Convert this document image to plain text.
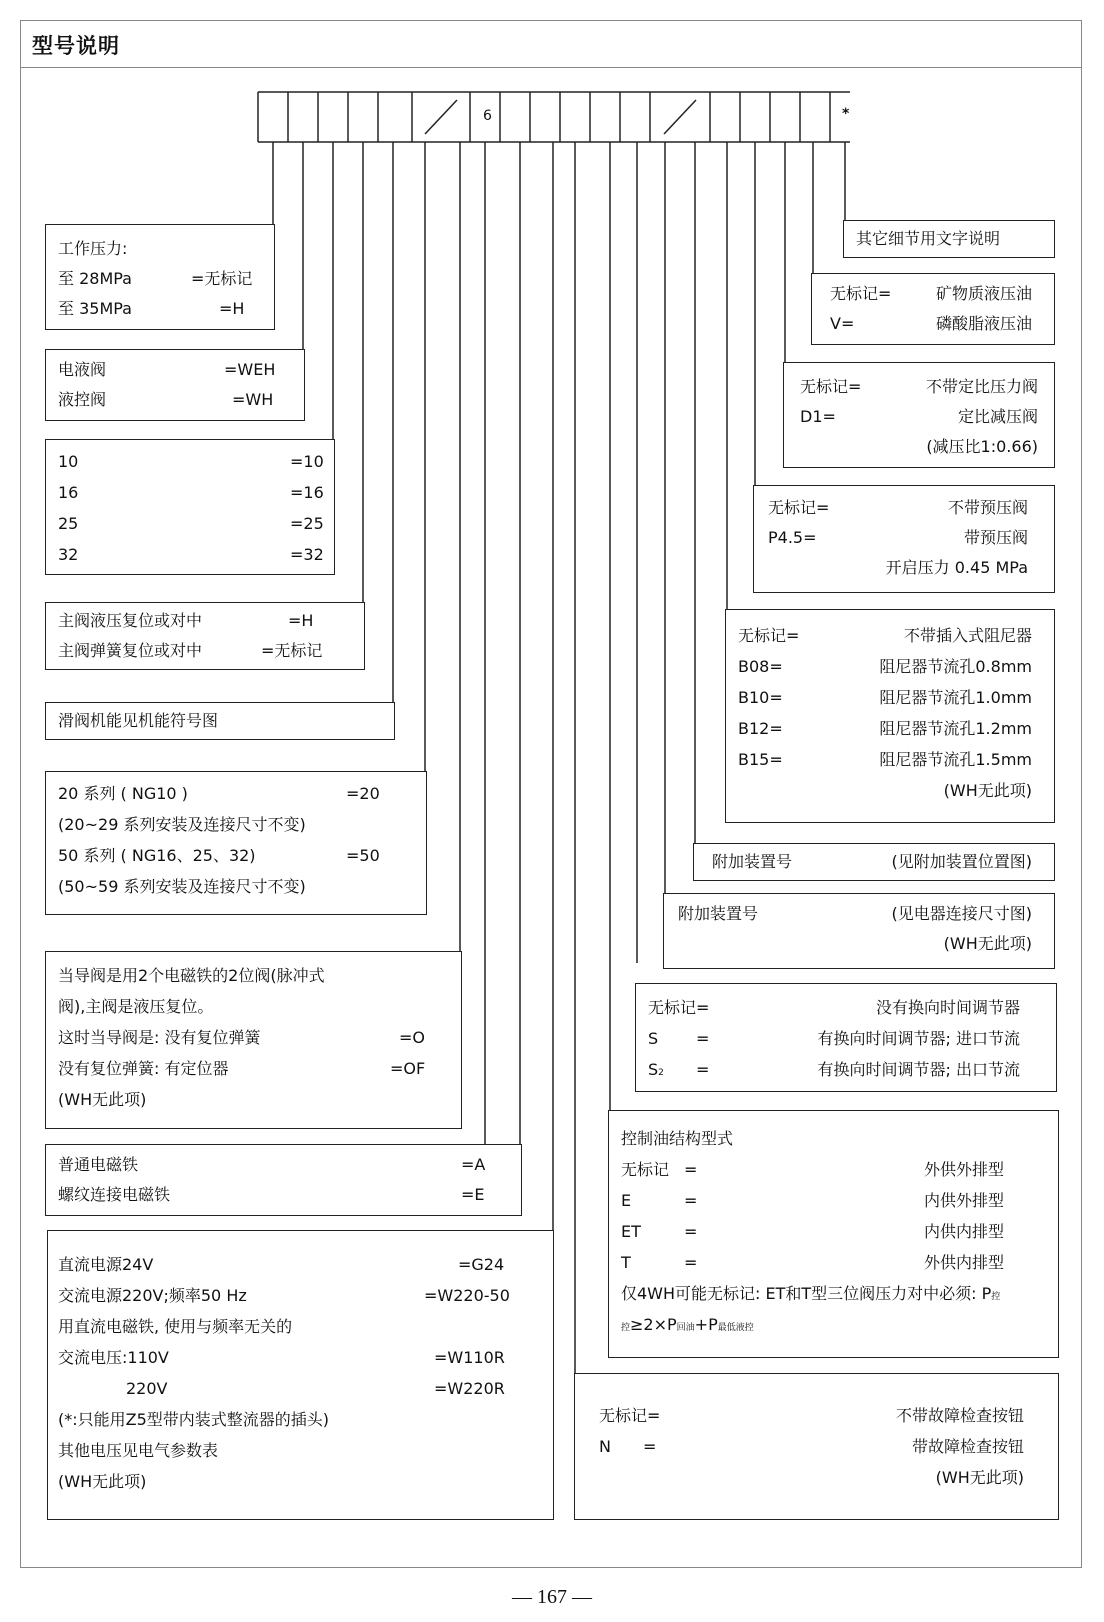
型号说明
6	*
工作压力:
至 28MPa	=无标记
至 35MPa	=H
电液阀	=WEH
液控阀	=WH
10	=10
16	=16
25	=25
32	=32
主阀液压复位或对中	=H
主阀弹簧复位或对中	=无标记
滑阀机能见机能符号图
20 系列 ( NG10 )	=20
(20~29 系列安装及连接尺寸不变)
50 系列 ( NG16、25、32)	=50
(50~59 系列安装及连接尺寸不变)
当导阀是用2个电磁铁的2位阀(脉冲式
阀),主阀是液压复位。
这时当导阀是: 没有复位弹簧	=O
没有复位弹簧: 有定位器	=OF
(WH无此项)
普通电磁铁	=A
螺纹连接电磁铁	=E
直流电源24V	=G24
交流电源220V;频率50 Hz	=W220-50
用直流电磁铁, 使用与频率无关的
交流电压:110V	=W110R
220V	=W220R
(*:只能用Z5型带内装式整流器的插头)
其他电压见电气参数表
(WH无此项)
其它细节用文字说明
无标记=	矿物质液压油
V=	磷酸脂液压油
无标记=	不带定比压力阀
D1=	定比减压阀
(减压比1:0.66)
无标记=	不带预压阀
P4.5=	带预压阀
开启压力 0.45 MPa
无标记=	不带插入式阻尼器
B08=	阻尼器节流孔0.8mm
B10=	阻尼器节流孔1.0mm
B12=	阻尼器节流孔1.2mm
B15=	阻尼器节流孔1.5mm
(WH无此项)
附加装置号	(见附加装置位置图)
附加装置号	(见电器连接尺寸图)
(WH无此项)
无标记=	没有换向时间调节器
S =	有换向时间调节器; 进口节流
S2 =	有换向时间调节器; 出口节流
控制油结构型式
无标记 =	外供外排型
E	=	内供外排型
ET	=	内供内排型
T	=	外供内排型
仅4WH可能无标记: ET和T型三位阀压力对中必须: P控
控≥2×P回油+P最低液控
无标记=	不带故障检查按钮
N =	带故障检查按钮
(WH无此项)
— 167 —
